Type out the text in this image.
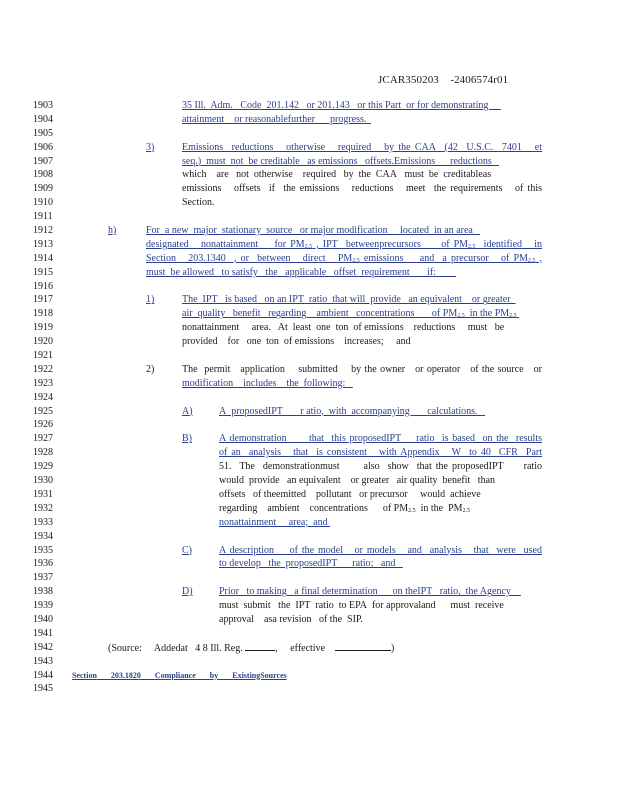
JCAR350203 -2406574r01
1903	35 Ill.  Adm.   Code  201.142   or 201.143   or this Part  or for demonstrating
1904	attainment    or reasonablefurther      progress.
1905
1906	3)	Emissions  reductions   otherwise   required   by the CAA  (42  U.S.C.  7401   et
1907	seq.)  must  not  be creditable   as emissions   offsets.Emissions      reductions
1908	which    are   not  otherwise    required   by  the  CAA   must  be  creditableas
1909	emissions   offsets  if  the emissions   reductions   meet  the requirements   of this
1910	Section.
1911
1912	h)	For  a new  major  stationary  source   or major modification     located  in an area
1913	designated   nonattainment    for $PM_{2.5}$ , IPT  betweenprecursors     of $PM_{2.5}$  identified   in
1914	Section   203.1340  , or  between   direct   $PM_{2.5}$ emissions    and  a precursor   of $PM_{2.5}$ ,
1915	must  be allowed   to satisfy   the   applicable   offset  requirement       if:
1916
1917	1)	The  IPT   is based   on an IPT  ratio  that will  provide   an equivalent    or greater
1918	air  quality   benefit   regarding    ambient   concentrations       of $PM_{2.5}$  in the $PM_{2.5}$
1919	nonattainment     area.   At  least  one  ton  of emissions    reductions     must   be
1920	provided    for   one  ton  of emissions    increases;     and
1921
1922	2)	The  permit   application    submitted    by the owner   or operator   of the source   or
1923	modification    includes    the  following:
1924
1925	A)	A  proposedIPT       r atio,  with  accompanying       calculations.
1926
1927	B)	A demonstration      that  this proposedIPT    ratio  is based  on the  results
1928	of an  analysis   that  is consistent   with Appendix   W  to 40  CFR  Part
1929	51.  The  demonstrationmust      also  show  that the proposedIPT     ratio
1930	would  provide   an equivalent    or greater   air quality  benefit   than
1931	offsets   of theemitted    pollutant   or precursor     would  achieve
1932	regarding    ambient    concentrations      of $PM_{2.5}$  in the  $PM_{2.5}$
1933	nonattainment     area;  and
1934
1935	C)	A description    of the model   or models   and  analysis   that  were  used
1936	to develop   the  proposedIPT      ratio;   and
1937
1938	D)	Prior   to making   a final determination      on theIPT   ratio,  the Agency
1939	must  submit   the  IPT  ratio  to EPA  for approvaland      must  receive
1940	approval    asa revision   of the  SIP.
1941
1942	(Source: Addedat 4 8 Ill. Reg.	,     effective	)
1943
1944 Section 203.1820 Compliance by ExistingSources
1945
